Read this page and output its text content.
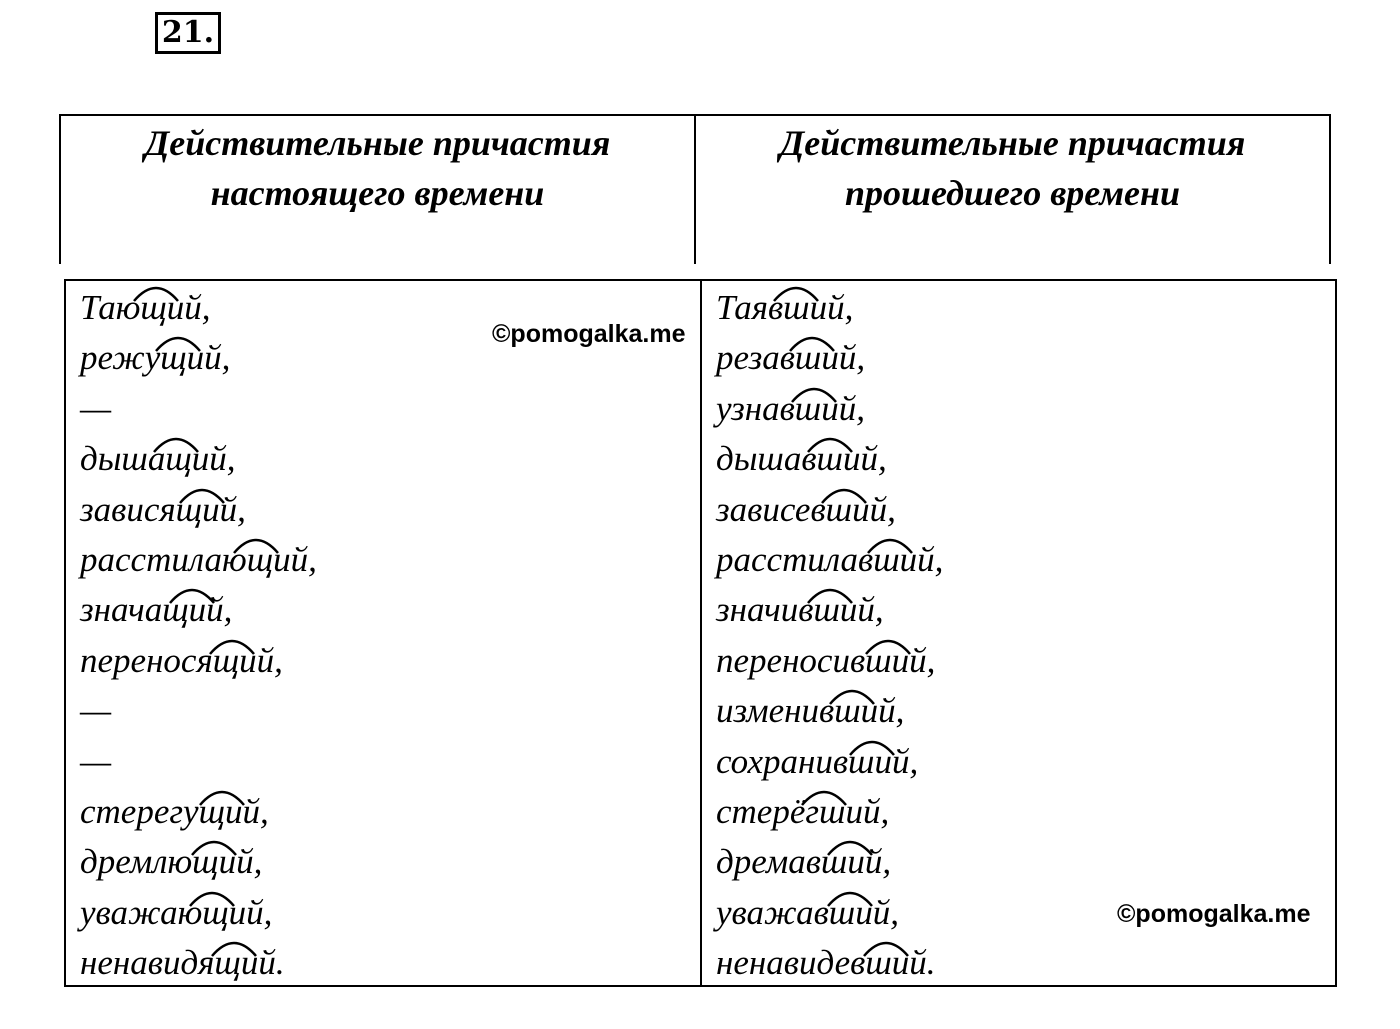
21.
Действительные причастия настоящего времени
Действительные причастия прошедшего времени
Тающий,
режущий,
—
дышащий,
зависящий,
расстилающий,
значащий,
переносящий,
—
—
стерегущий,
дремлющий,
уважающий,
ненавидящий.
Таявший,
резавший,
узнавший,
дышавший,
зависевший,
расстилавший,
значивший,
переносивший,
изменивший,
сохранивший,
стерёгший,
дремавший,
уважавший,
ненавидевший.
©pomogalka.me
©pomogalka.me
